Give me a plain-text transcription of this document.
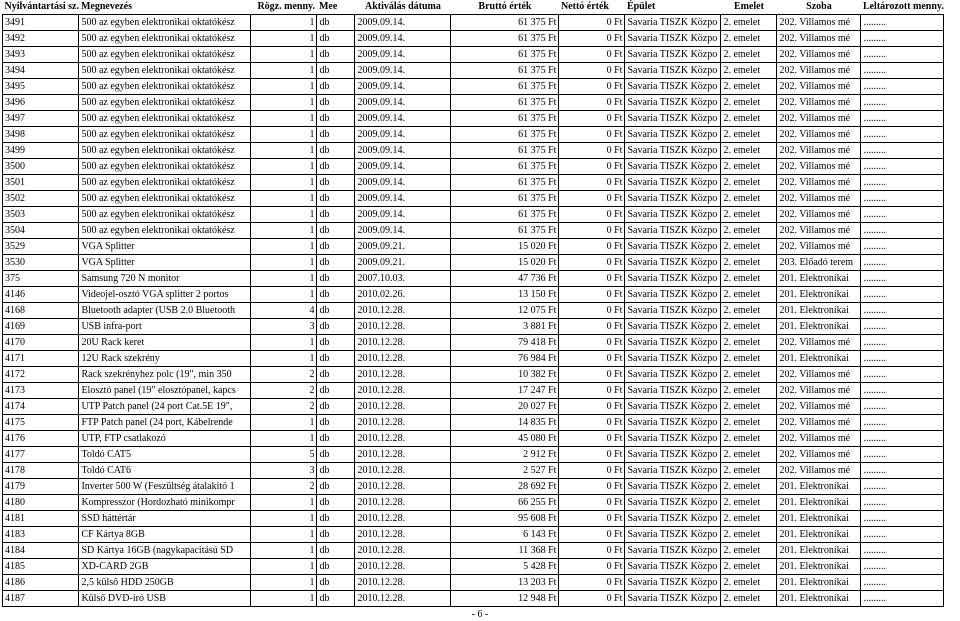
Nyilvántartási sz.	Megnevezés	Rögz. menny.	Mee	Aktiválás dátuma	Bruttó érték	Nettó érték	Épület	Emelet	Szoba	Leltározott menny.
3491	500 az egyben elektronikai oktatókész	1	db	2009.09.14.	61 375 Ft	0 Ft	Savaria TISZK Közpo	2. emelet	202. Villamos mé	.........
3492	500 az egyben elektronikai oktatókész	1	db	2009.09.14.	61 375 Ft	0 Ft	Savaria TISZK Közpo	2. emelet	202. Villamos mé	.........
3493	500 az egyben elektronikai oktatókész	1	db	2009.09.14.	61 375 Ft	0 Ft	Savaria TISZK Közpo	2. emelet	202. Villamos mé	.........
3494	500 az egyben elektronikai oktatókész	1	db	2009.09.14.	61 375 Ft	0 Ft	Savaria TISZK Közpo	2. emelet	202. Villamos mé	.........
3495	500 az egyben elektronikai oktatókész	1	db	2009.09.14.	61 375 Ft	0 Ft	Savaria TISZK Közpo	2. emelet	202. Villamos mé	.........
3496	500 az egyben elektronikai oktatókész	1	db	2009.09.14.	61 375 Ft	0 Ft	Savaria TISZK Közpo	2. emelet	202. Villamos mé	.........
3497	500 az egyben elektronikai oktatókész	1	db	2009.09.14.	61 375 Ft	0 Ft	Savaria TISZK Közpo	2. emelet	202. Villamos mé	.........
3498	500 az egyben elektronikai oktatókész	1	db	2009.09.14.	61 375 Ft	0 Ft	Savaria TISZK Közpo	2. emelet	202. Villamos mé	.........
3499	500 az egyben elektronikai oktatókész	1	db	2009.09.14.	61 375 Ft	0 Ft	Savaria TISZK Közpo	2. emelet	202. Villamos mé	.........
3500	500 az egyben elektronikai oktatókész	1	db	2009.09.14.	61 375 Ft	0 Ft	Savaria TISZK Közpo	2. emelet	202. Villamos mé	.........
3501	500 az egyben elektronikai oktatókész	1	db	2009.09.14.	61 375 Ft	0 Ft	Savaria TISZK Közpo	2. emelet	202. Villamos mé	.........
3502	500 az egyben elektronikai oktatókész	1	db	2009.09.14.	61 375 Ft	0 Ft	Savaria TISZK Közpo	2. emelet	202. Villamos mé	.........
3503	500 az egyben elektronikai oktatókész	1	db	2009.09.14.	61 375 Ft	0 Ft	Savaria TISZK Közpo	2. emelet	202. Villamos mé	.........
3504	500 az egyben elektronikai oktatókész	1	db	2009.09.14.	61 375 Ft	0 Ft	Savaria TISZK Közpo	2. emelet	202. Villamos mé	.........
3529	VGA Splitter	1	db	2009.09.21.	15 020 Ft	0 Ft	Savaria TISZK Közpo	2. emelet	202. Villamos mé	.........
3530	VGA Splitter	1	db	2009.09.21.	15 020 Ft	0 Ft	Savaria TISZK Közpo	2. emelet	203. Előadó terem	.........
375	Samsung 720 N monitor	1	db	2007.10.03.	47 736 Ft	0 Ft	Savaria TISZK Közpo	2. emelet	201. Elektronikai	.........
4146	Videojel-osztó VGA splitter 2 portos	1	db	2010.02.26.	13 150 Ft	0 Ft	Savaria TISZK Közpo	2. emelet	201. Elektronikai	.........
4168	Bluetooth adapter (USB 2.0 Bluetooth	4	db	2010.12.28.	12 075 Ft	0 Ft	Savaria TISZK Közpo	2. emelet	201. Elektronikai	.........
4169	USB infra-port	3	db	2010.12.28.	3 881 Ft	0 Ft	Savaria TISZK Közpo	2. emelet	201. Elektronikai	.........
4170	20U Rack keret	1	db	2010.12.28.	79 418 Ft	0 Ft	Savaria TISZK Közpo	2. emelet	202. Villamos mé	.........
4171	12U Rack szekrény	1	db	2010.12.28.	76 984 Ft	0 Ft	Savaria TISZK Közpo	2. emelet	201. Elektronikai	.........
4172	Rack szekrényhez polc (19", min 350	2	db	2010.12.28.	10 382 Ft	0 Ft	Savaria TISZK Közpo	2. emelet	202. Villamos mé	.........
4173	Elosztó panel (19" elosztópanel, kapcs	2	db	2010.12.28.	17 247 Ft	0 Ft	Savaria TISZK Közpo	2. emelet	202. Villamos mé	.........
4174	UTP Patch panel (24 port Cat.5E 19",	2	db	2010.12.28.	20 027 Ft	0 Ft	Savaria TISZK Közpo	2. emelet	202. Villamos mé	.........
4175	FTP Patch panel (24 port, Kábelrende	1	db	2010.12.28.	14 835 Ft	0 Ft	Savaria TISZK Közpo	2. emelet	202. Villamos mé	.........
4176	UTP, FTP csatlakozó	1	db	2010.12.28.	45 080 Ft	0 Ft	Savaria TISZK Közpo	2. emelet	202. Villamos mé	.........
4177	Toldó CAT5	5	db	2010.12.28.	2 912 Ft	0 Ft	Savaria TISZK Közpo	2. emelet	202. Villamos mé	.........
4178	Toldó CAT6	3	db	2010.12.28.	2 527 Ft	0 Ft	Savaria TISZK Közpo	2. emelet	202. Villamos mé	.........
4179	Inverter 500 W (Feszültség átalakító 1	2	db	2010.12.28.	28 692 Ft	0 Ft	Savaria TISZK Közpo	2. emelet	201. Elektronikai	.........
4180	Kompresszor (Hordozható minikompr	1	db	2010.12.28.	66 255 Ft	0 Ft	Savaria TISZK Közpo	2. emelet	201. Elektronikai	.........
4181	SSD háttértár	1	db	2010.12.28.	95 608 Ft	0 Ft	Savaria TISZK Közpo	2. emelet	201. Elektronikai	.........
4183	CF Kártya 8GB	1	db	2010.12.28.	6 143 Ft	0 Ft	Savaria TISZK Közpo	2. emelet	201. Elektronikai	.........
4184	SD Kártya 16GB (nagykapacitású SD	1	db	2010.12.28.	11 368 Ft	0 Ft	Savaria TISZK Közpo	2. emelet	201. Elektronikai	.........
4185	XD-CARD 2GB	1	db	2010.12.28.	5 428 Ft	0 Ft	Savaria TISZK Közpo	2. emelet	201. Elektronikai	.........
4186	2,5 külső HDD 250GB	1	db	2010.12.28.	13 203 Ft	0 Ft	Savaria TISZK Közpo	2. emelet	201. Elektronikai	.........
4187	Külső DVD-író USB	1	db	2010.12.28.	12 948 Ft	0 Ft	Savaria TISZK Közpo	2. emelet	201. Elektronikai	.........
- 6 -
